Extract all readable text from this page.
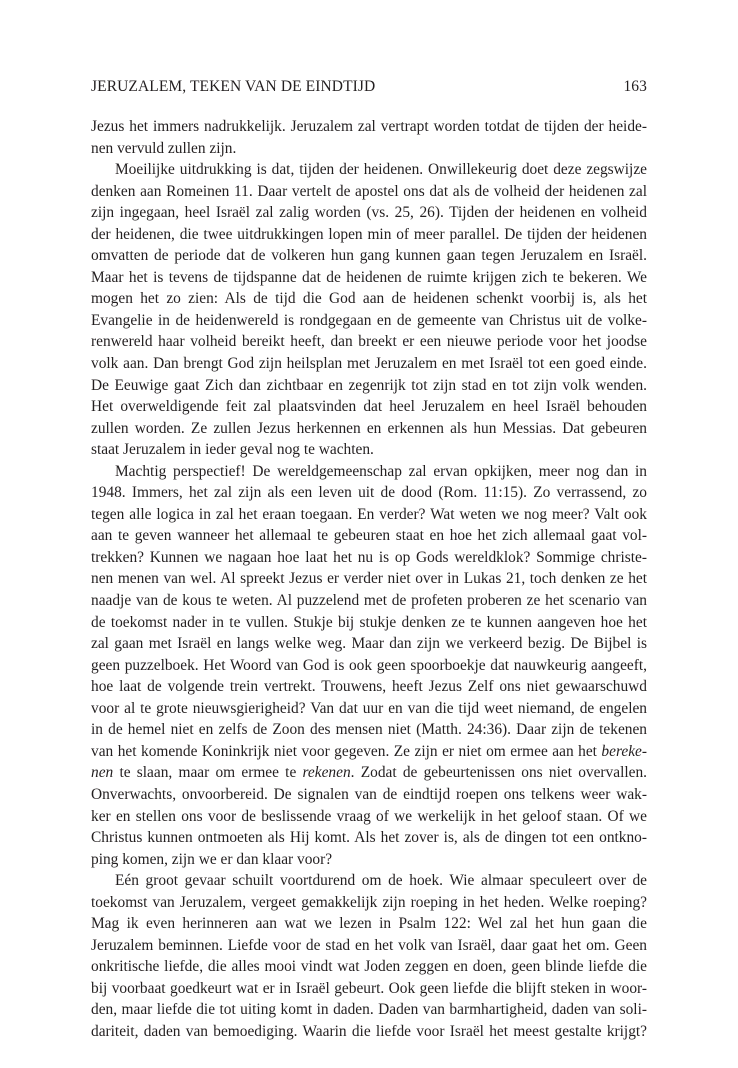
JERUZALEM, TEKEN VAN DE EINDTIJD	163
Jezus het immers nadrukkelijk. Jeruzalem zal vertrapt worden totdat de tijden der heide-
nen vervuld zullen zijn.
Moeilijke uitdrukking is dat, tijden der heidenen. Onwillekeurig doet deze zegswijze
denken aan Romeinen 11. Daar vertelt de apostel ons dat als de volheid der heidenen zal
zijn ingegaan, heel Israël zal zalig worden (vs. 25, 26). Tijden der heidenen en volheid
der heidenen, die twee uitdrukkingen lopen min of meer parallel. De tijden der heidenen
omvatten de periode dat de volkeren hun gang kunnen gaan tegen Jeruzalem en Israël.
Maar het is tevens de tijdspanne dat de heidenen de ruimte krijgen zich te bekeren. We
mogen het zo zien: Als de tijd die God aan de heidenen schenkt voorbij is, als het
Evangelie in de heidenwereld is rondgegaan en de gemeente van Christus uit de volke-
renwereld haar volheid bereikt heeft, dan breekt er een nieuwe periode voor het joodse
volk aan. Dan brengt God zijn heilsplan met Jeruzalem en met Israël tot een goed einde.
De Eeuwige gaat Zich dan zichtbaar en zegenrijk tot zijn stad en tot zijn volk wenden.
Het overweldigende feit zal plaatsvinden dat heel Jeruzalem en heel Israël behouden
zullen worden. Ze zullen Jezus herkennen en erkennen als hun Messias. Dat gebeuren
staat Jeruzalem in ieder geval nog te wachten.
Machtig perspectief! De wereldgemeenschap zal ervan opkijken, meer nog dan in
1948. Immers, het zal zijn als een leven uit de dood (Rom. 11:15). Zo verrassend, zo
tegen alle logica in zal het eraan toegaan. En verder? Wat weten we nog meer? Valt ook
aan te geven wanneer het allemaal te gebeuren staat en hoe het zich allemaal gaat vol-
trekken? Kunnen we nagaan hoe laat het nu is op Gods wereldklok? Sommige christe-
nen menen van wel. Al spreekt Jezus er verder niet over in Lukas 21, toch denken ze het
naadje van de kous te weten. Al puzzelend met de profeten proberen ze het scenario van
de toekomst nader in te vullen. Stukje bij stukje denken ze te kunnen aangeven hoe het
zal gaan met Israël en langs welke weg. Maar dan zijn we verkeerd bezig. De Bijbel is
geen puzzelboek. Het Woord van God is ook geen spoorboekje dat nauwkeurig aangeeft,
hoe laat de volgende trein vertrekt. Trouwens, heeft Jezus Zelf ons niet gewaarschuwd
voor al te grote nieuwsgierigheid? Van dat uur en van die tijd weet niemand, de engelen
in de hemel niet en zelfs de Zoon des mensen niet (Matth. 24:36). Daar zijn de tekenen
van het komende Koninkrijk niet voor gegeven. Ze zijn er niet om ermee aan het bereke-
nen te slaan, maar om ermee te rekenen. Zodat de gebeurtenissen ons niet overvallen.
Onverwachts, onvoorbereid. De signalen van de eindtijd roepen ons telkens weer wak-
ker en stellen ons voor de beslissende vraag of we werkelijk in het geloof staan. Of we
Christus kunnen ontmoeten als Hij komt. Als het zover is, als de dingen tot een ontkno-
ping komen, zijn we er dan klaar voor?
Eén groot gevaar schuilt voortdurend om de hoek. Wie almaar speculeert over de
toekomst van Jeruzalem, vergeet gemakkelijk zijn roeping in het heden. Welke roeping?
Mag ik even herinneren aan wat we lezen in Psalm 122: Wel zal het hun gaan die
Jeruzalem beminnen. Liefde voor de stad en het volk van Israël, daar gaat het om. Geen
onkritische liefde, die alles mooi vindt wat Joden zeggen en doen, geen blinde liefde die
bij voorbaat goedkeurt wat er in Israël gebeurt. Ook geen liefde die blijft steken in woor-
den, maar liefde die tot uiting komt in daden. Daden van barmhartigheid, daden van soli-
dariteit, daden van bemoediging. Waarin die liefde voor Israël het meest gestalte krijgt?
